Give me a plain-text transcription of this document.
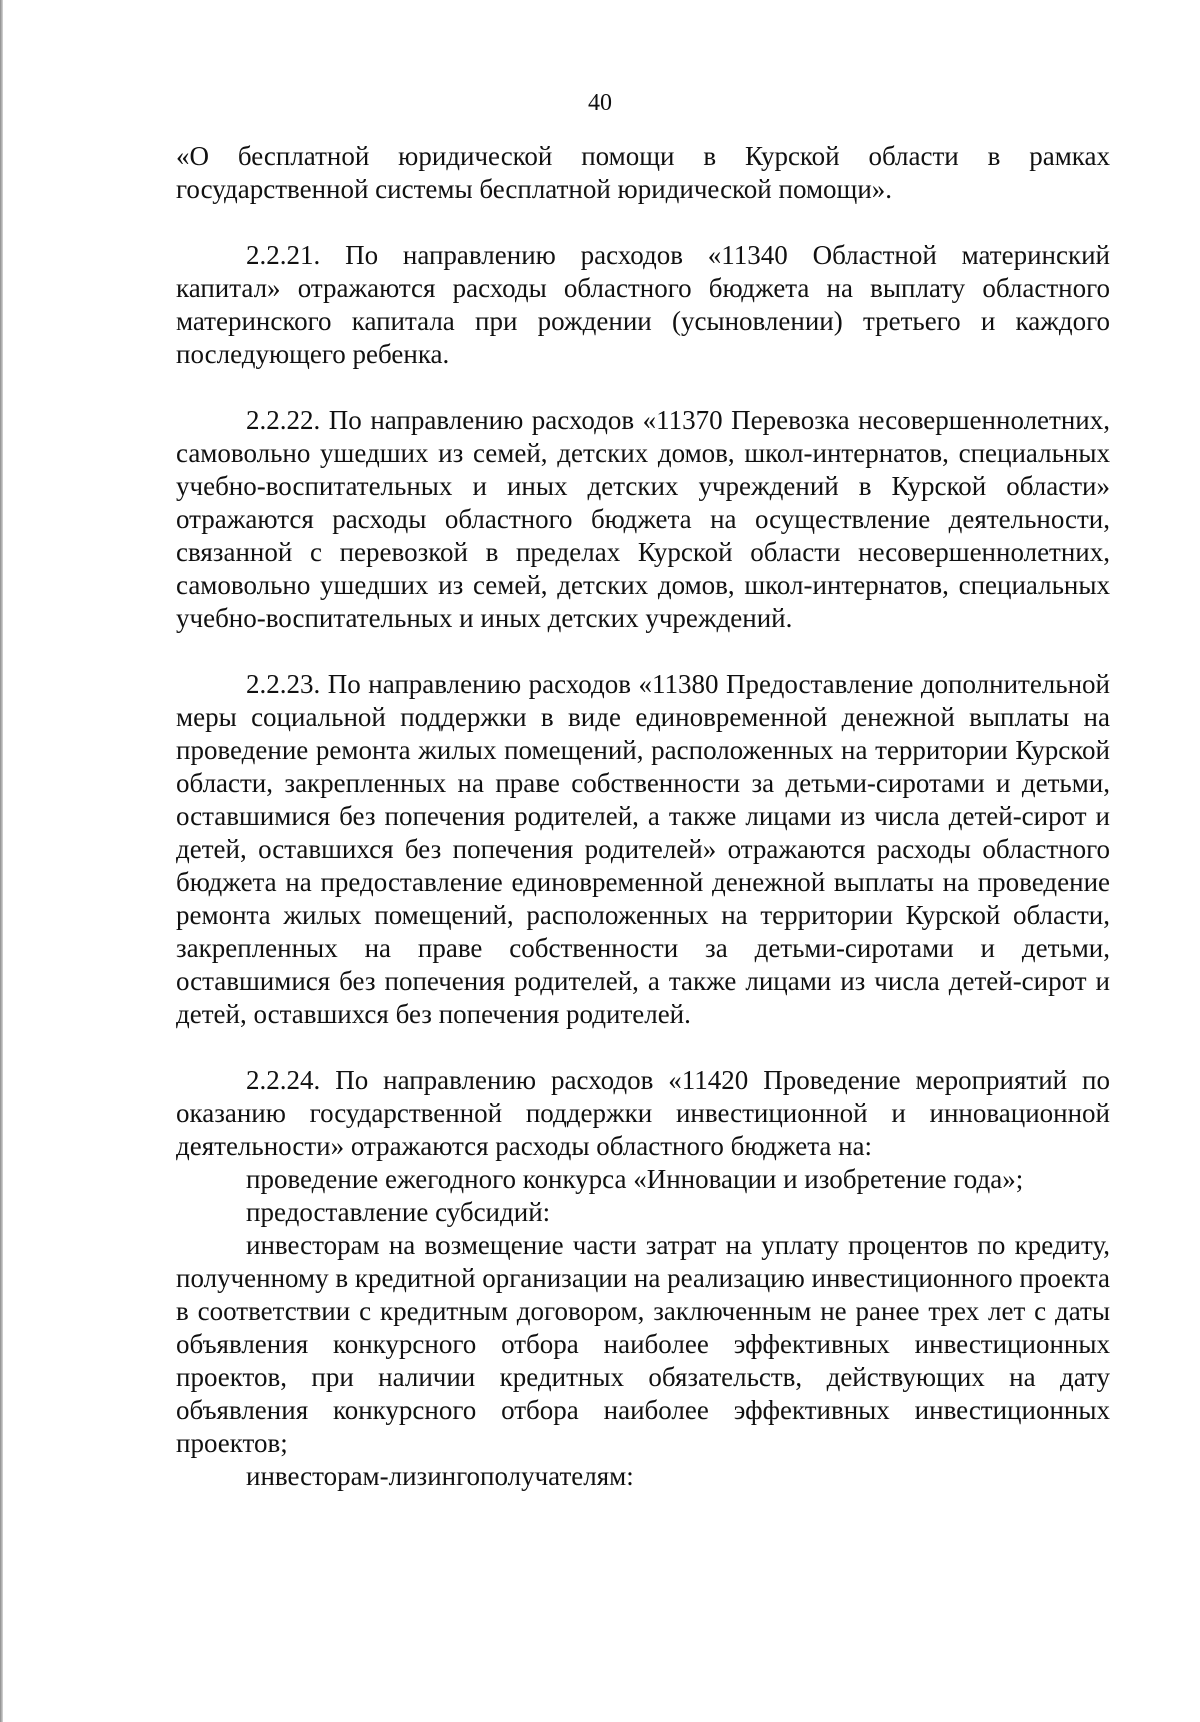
40

«О бесплатной юридической помощи в Курской области в рамках государственной системы бесплатной юридической помощи».

2.2.21. По направлению расходов «11340 Областной материнский капитал» отражаются расходы областного бюджета на выплату областного материнского капитала при рождении (усыновлении) третьего и каждого последующего ребенка.

2.2.22. По направлению расходов «11370 Перевозка несовершеннолетних, самовольно ушедших из семей, детских домов, школ-интернатов, специальных учебно-воспитательных и иных детских учреждений в Курской области» отражаются расходы областного бюджета на осуществление деятельности, связанной с перевозкой в пределах Курской области несовершеннолетних, самовольно ушедших из семей, детских домов, школ-интернатов, специальных учебно-воспитательных и иных детских учреждений.

2.2.23. По направлению расходов «11380 Предоставление дополнительной меры социальной поддержки в виде единовременной денежной выплаты на проведение ремонта жилых помещений, расположенных на территории Курской области, закрепленных на праве собственности за детьми-сиротами и детьми, оставшимися без попечения родителей, а также лицами из числа детей-сирот и детей, оставшихся без попечения родителей» отражаются расходы областного бюджета на предоставление единовременной денежной выплаты на проведение ремонта жилых помещений, расположенных на территории Курской области, закрепленных на праве собственности за детьми-сиротами и детьми, оставшимися без попечения родителей, а также лицами из числа детей-сирот и детей, оставшихся без попечения родителей.

2.2.24. По направлению расходов «11420 Проведение мероприятий по оказанию государственной поддержки инвестиционной и инновационной деятельности» отражаются расходы областного бюджета на:

проведение ежегодного конкурса «Инновации и изобретение года»;

предоставление субсидий:

инвесторам на возмещение части затрат на уплату процентов по кредиту, полученному в кредитной организации на реализацию инвестиционного проекта в соответствии с кредитным договором, заключенным не ранее трех лет с даты объявления конкурсного отбора наиболее эффективных инвестиционных проектов, при наличии кредитных обязательств, действующих на дату объявления конкурсного отбора наиболее эффективных инвестиционных проектов;

инвесторам-лизингополучателям:
